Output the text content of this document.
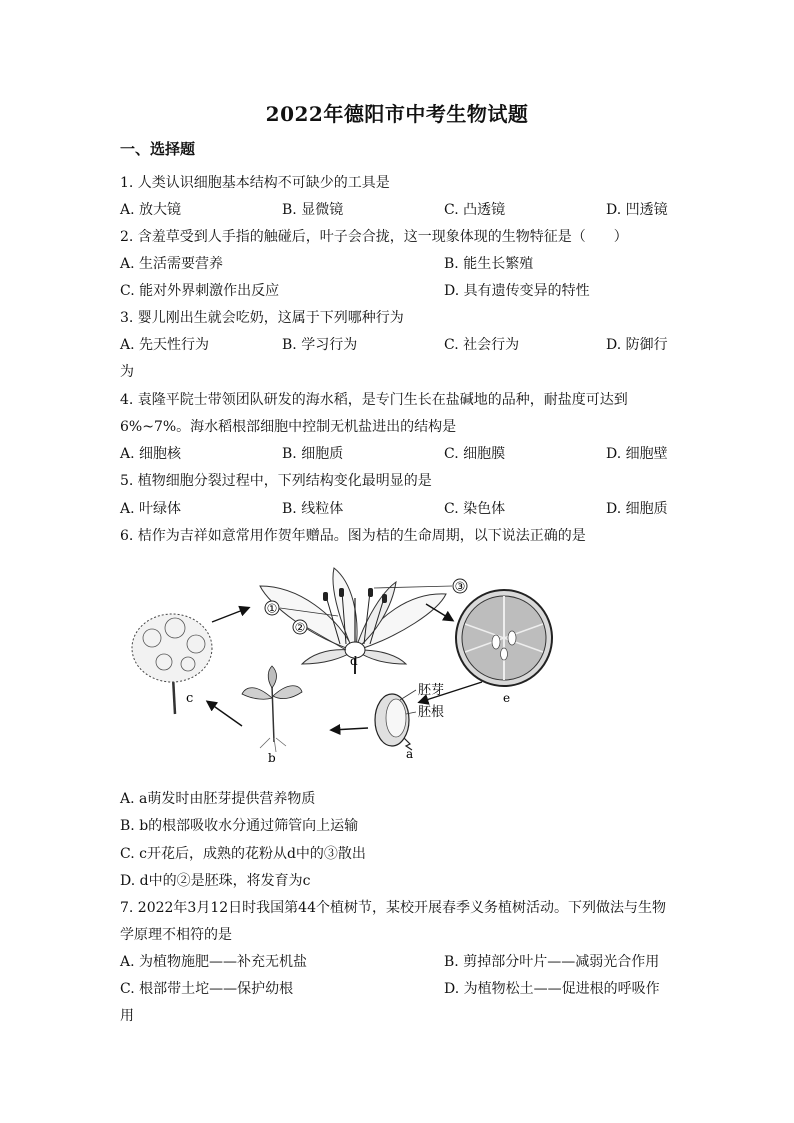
2022年德阳市中考生物试题
一、选择题
1. 人类认识细胞基本结构不可缺少的工具是
A. 放大镜	B. 显微镜	C. 凸透镜	D. 凹透镜
2. 含羞草受到人手指的触碰后，叶子会合拢，这一现象体现的生物特征是（　　）
A. 生活需要营养	B. 能生长繁殖
C. 能对外界刺激作出反应	D. 具有遗传变异的特性
3. 婴儿刚出生就会吃奶，这属于下列哪种行为
A. 先天性行为	B. 学习行为	C. 社会行为	D. 防御行
为
4. 袁隆平院士带领团队研发的海水稻，是专门生长在盐碱地的品种，耐盐度可达到
6%~7%。海水稻根部细胞中控制无机盐进出的结构是
A. 细胞核	B. 细胞质	C. 细胞膜	D. 细胞壁
5. 植物细胞分裂过程中，下列结构变化最明显的是
A. 叶绿体	B. 线粒体	C. 染色体	D. 细胞质
6. 桔作为吉祥如意常用作贺年赠品。图为桔的生命周期，以下说法正确的是
c
①
②
③
d
e
胚芽
胚根
a
b
A. a萌发时由胚芽提供营养物质
B. b的根部吸收水分通过筛管向上运输
C. c开花后，成熟的花粉从d中的③散出
D. d中的②是胚珠，将发育为c
7. 2022年3月12日时我国第44个植树节，某校开展春季义务植树活动。下列做法与生物
学原理不相符的是
A. 为植物施肥——补充无机盐	B. 剪掉部分叶片——减弱光合作用
C. 根部带土坨——保护幼根	D. 为植物松土——促进根的呼吸作
用
